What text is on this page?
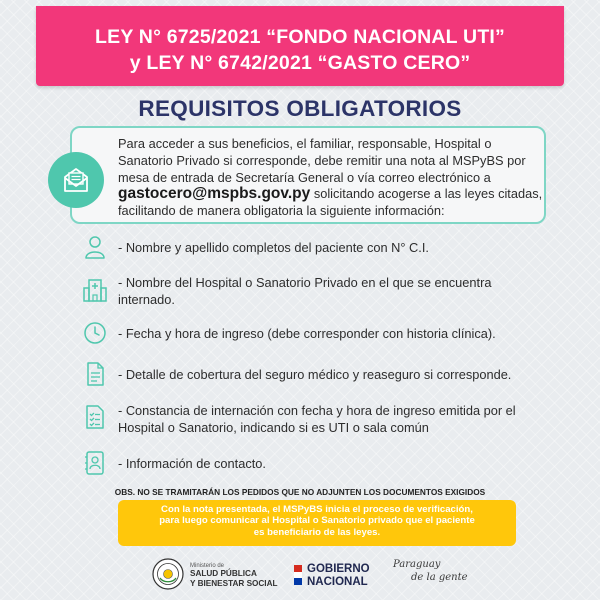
LEY N° 6725/2021 “FONDO NACIONAL UTI”
y LEY N° 6742/2021 “GASTO CERO”
REQUISITOS OBLIGATORIOS
Para acceder a sus beneficios, el familiar, responsable, Hospital o Sanatorio Privado si corresponde, debe remitir una nota al MSPyBS por mesa de entrada de Secretaría General o vía correo electrónico a gastocero@mspbs.gov.py solicitando acogerse a las leyes citadas, facilitando de manera obligatoria la siguiente información:
- Nombre y apellido completos del paciente con N° C.I.
- Nombre del Hospital o Sanatorio Privado en el que se encuentra internado.
- Fecha y hora de ingreso (debe corresponder con historia clínica).
- Detalle de cobertura del seguro médico y reaseguro si corresponde.
- Constancia de internación con fecha y hora de ingreso emitida por el Hospital o Sanatorio, indicando si es UTI o sala común
- Información de contacto.
OBS. NO SE TRAMITARÁN LOS PEDIDOS QUE NO ADJUNTEN LOS DOCUMENTOS EXIGIDOS
Con la nota presentada, el MSPyBS inicia el proceso de verificación,
para luego comunicar al Hospital o Sanatorio privado que el paciente
es beneficiario de las leyes.
Ministerio de
SALUD PÚBLICA
Y BIENESTAR SOCIAL
GOBIERNO
NACIONAL
Paraguay
de la gente
